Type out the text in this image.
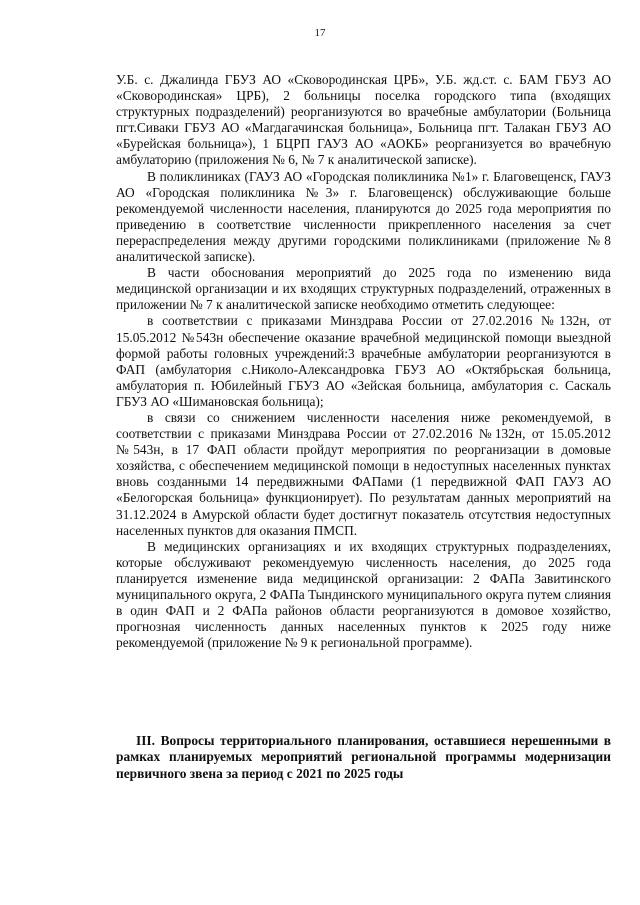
17

У.Б. с. Джалинда ГБУЗ АО «Сковородинская ЦРБ», У.Б. жд.ст. с. БАМ ГБУЗ АО «Сковородинская» ЦРБ), 2 больницы поселка городского типа (входящих структурных подразделений) реорганизуются во врачебные амбулатории (Больница пгт.Сиваки ГБУЗ АО «Магдагачинская больница», Больница пгт. Талакан ГБУЗ АО «Бурейская больница»), 1 БЦРП ГАУЗ АО «АОКБ» реорганизуется во врачебную амбулаторию (приложения № 6, № 7 к аналитической записке).

В поликлиниках (ГАУЗ АО «Городская поликлиника №1» г. Благовещенск, ГАУЗ АО «Городская поликлиника №3» г. Благовещенск) обслуживающие больше рекомендуемой численности населения, планируются до 2025 года мероприятия по приведению в соответствие численности прикрепленного населения за счет перераспределения между другими городскими поликлиниками (приложение №8 аналитической записке).

В части обоснования мероприятий до 2025 года по изменению вида медицинской организации и их входящих структурных подразделений, отраженных в приложении № 7 к аналитической записке необходимо отметить следующее:

в соответствии с приказами Минздрава России от 27.02.2016 №132н, от 15.05.2012 №543н обеспечение оказание врачебной медицинской помощи выездной формой работы головных учреждений:3 врачебные амбулатории реорганизуются в ФАП (амбулатория с.Николо-Александровка ГБУЗ АО «Октябрьская больница, амбулатория п. Юбилейный ГБУЗ АО «Зейская больница, амбулатория с. Саскаль ГБУЗ АО «Шимановская больница);

в связи со снижением численности населения ниже рекомендуемой, в соответствии с приказами Минздрава России от 27.02.2016 №132н, от 15.05.2012 №543н, в 17 ФАП области пройдут мероприятия по реорганизации в домовые хозяйства, с обеспечением медицинской помощи в недоступных населенных пунктах вновь созданными 14 передвижными ФАПами (1 передвижной ФАП ГАУЗ АО «Белогорская больница» функционирует). По результатам данных мероприятий на 31.12.2024 в Амурской области будет достигнут показатель отсутствия недоступных населенных пунктов для оказания ПМСП.

В медицинских организациях и их входящих структурных подразделениях, которые обслуживают рекомендуемую численность населения, до 2025 года планируется изменение вида медицинской организации: 2 ФАПа Завитинского муниципального округа, 2 ФАПа Тындинского муниципального округа путем слияния в один ФАП и 2 ФАПа районов области реорганизуются в домовое хозяйство, прогнозная численность данных населенных пунктов к 2025 году ниже рекомендуемой (приложение № 9 к региональной программе).

III. Вопросы территориального планирования, оставшиеся нерешенными в рамках планируемых мероприятий региональной программы модернизации первичного звена за период с 2021 по 2025 годы
